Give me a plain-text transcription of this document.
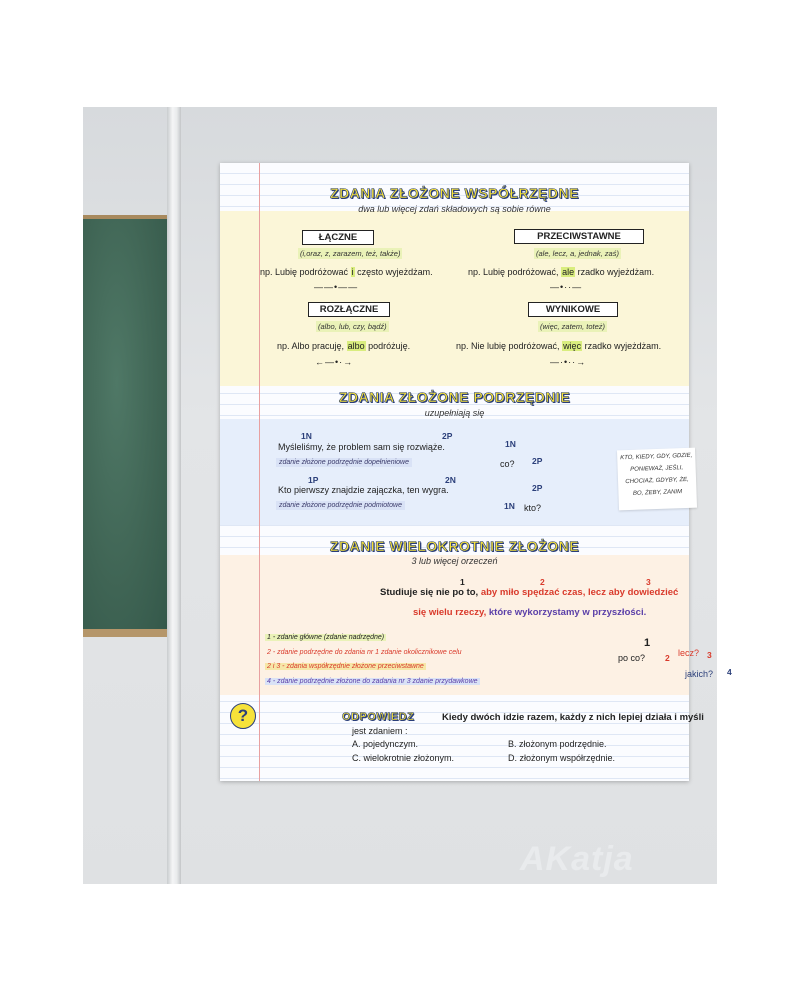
ZDANIA ZŁOŻONE WSPÓŁRZĘDNE
dwa lub więcej zdań składowych są sobie równe
ŁĄCZNE
(i,oraz, z, zarazem, też, także)
np. Lubię podróżować i często wyjeżdżam.
——•——
PRZECIWSTAWNE
(ale, lecz, a, jednak, zaś)
np. Lubię podróżować, ale rzadko wyjeżdżam.
—•··—
ROZŁĄCZNE
(albo, lub, czy, bądź)
np. Albo pracuję, albo podróżuję.
←—•·→
WYNIKOWE
(więc, zatem, toteż)
np. Nie lubię podróżować, więc rzadko wyjeżdżam.
—·•··→
ZDANIA ZŁOŻONE PODRZĘDNIE
uzupełniają się
1N	2P
Myśleliśmy, że problem sam się rozwiąże.
zdanie złożone podrzędnie dopełnieniowe
1N
co? 2P
1P	2N
Kto pierwszy znajdzie zajączka, ten wygra.
zdanie złożone podrzędnie podmiotowe
2P
1N kto?
KTO, KIEDY, GDY, GDZIE,
PONIEWAŻ, JEŚLI,
CHOCIAŻ, GDYBY, ŻE,
BO, ŻEBY, ZANIM
ZDANIE WIELOKROTNIE ZŁOŻONE
3 lub więcej orzeczeń
1	2	3
Studiuje się nie po to, aby miło spędzać czas, lecz aby dowiedzieć
się wielu rzeczy, które wykorzystamy w przyszłości.
1 - zdanie główne (zdanie nadrzędne)
2 - zdanie podrzędne do zdania nr 1 zdanie okolicznikowe celu
2 i 3 - zdania współrzędnie złożone przeciwstawne
4 - zdanie podrzędnie złożone do zadania nr 3 zdanie przydawkowe
1
po co? 2 lecz? 3
jakich? 4
ODPOWIEDZ	Kiedy dwóch idzie razem, każdy z nich lepiej działa i myśli
jest zdaniem :
A. pojedynczym.	B. złożonym podrzędnie.
C. wielokrotnie złożonym.	D. złożonym współrzędnie.
?
AKatja
